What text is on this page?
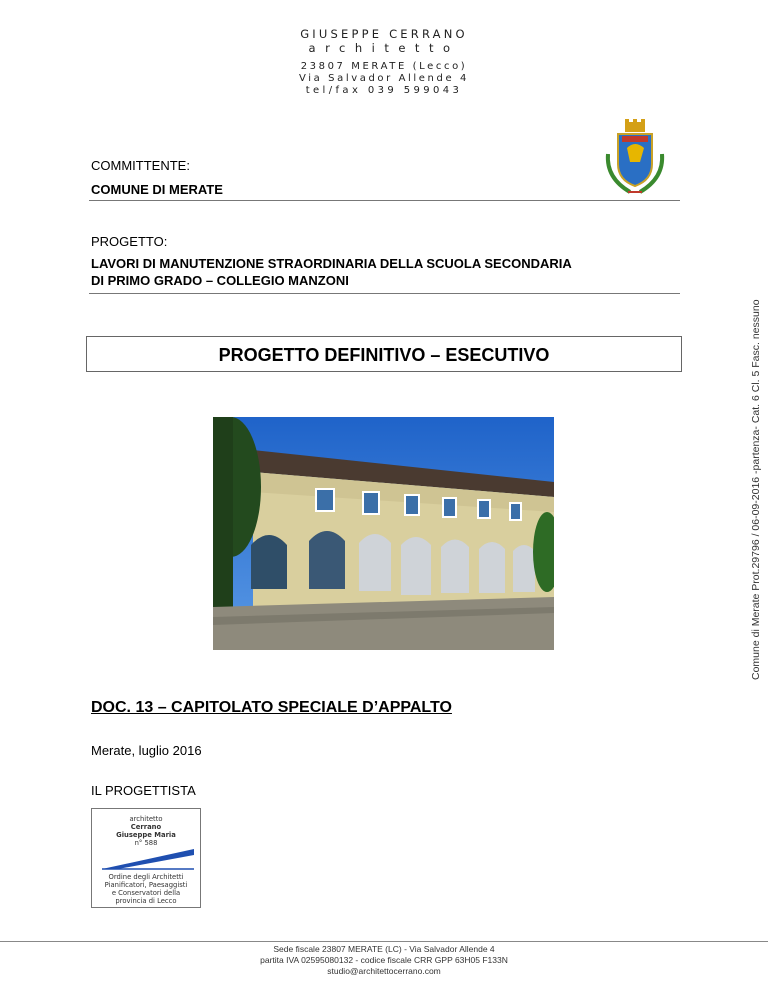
GIUSEPPE CERRANO
architetto
23807 MERATE (Lecco)
Via Salvador Allende 4
tel/fax 039 599043
COMMITTENTE:
COMUNE DI MERATE
PROGETTO:
LAVORI DI MANUTENZIONE STRAORDINARIA DELLA SCUOLA SECONDARIA
DI PRIMO GRADO – COLLEGIO MANZONI
PROGETTO DEFINITIVO – ESECUTIVO	Comune di Merate Prot.29796 / 06-09-2016 -partenza- Cat. 6 Cl. 5 Fasc. nessuno
DOC. 13 – CAPITOLATO SPECIALE D’APPALTO
Merate, luglio 2016
IL PROGETTISTA
architetto
Cerrano
Giuseppe Maria
n° 588
Ordine degli Architetti
Pianificatori, Paesaggisti
e Conservatori della
provincia di Lecco
Sede fiscale 23807 MERATE (LC) - Via Salvador Allende 4
partita IVA 02595080132 - codice fiscale CRR GPP 63H05 F133N
studio@architettocerrano.com
